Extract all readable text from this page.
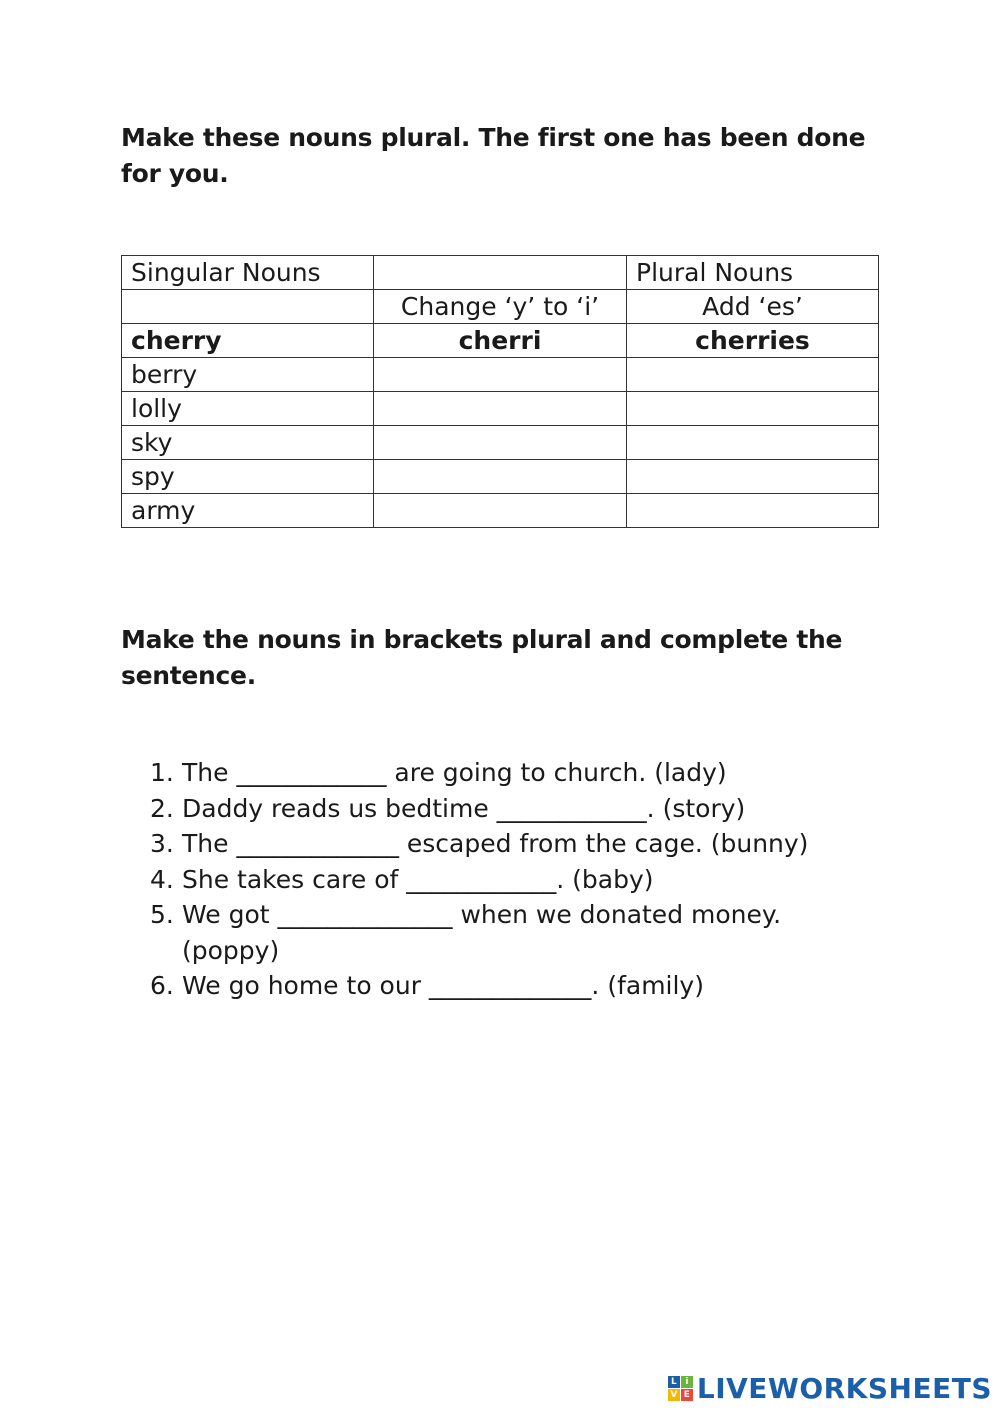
Make these nouns plural. The first one has been done for you.

Singular Nouns		Plural Nouns
	Change ‘y’ to ‘i’	Add ‘es’
cherry	cherri	cherries
berry		
lolly		
sky		
spy		
army		

Make the nouns in brackets plural and complete the sentence.

1. The ____________ are going to church. (lady)
2. Daddy reads us bedtime ____________. (story)
3. The _____________ escaped from the cage. (bunny)
4. She takes care of ____________. (baby)
5. We got ______________ when we donated money. (poppy)
6. We go home to our _____________. (family)
L i
V E LIVEWORKSHEETS
